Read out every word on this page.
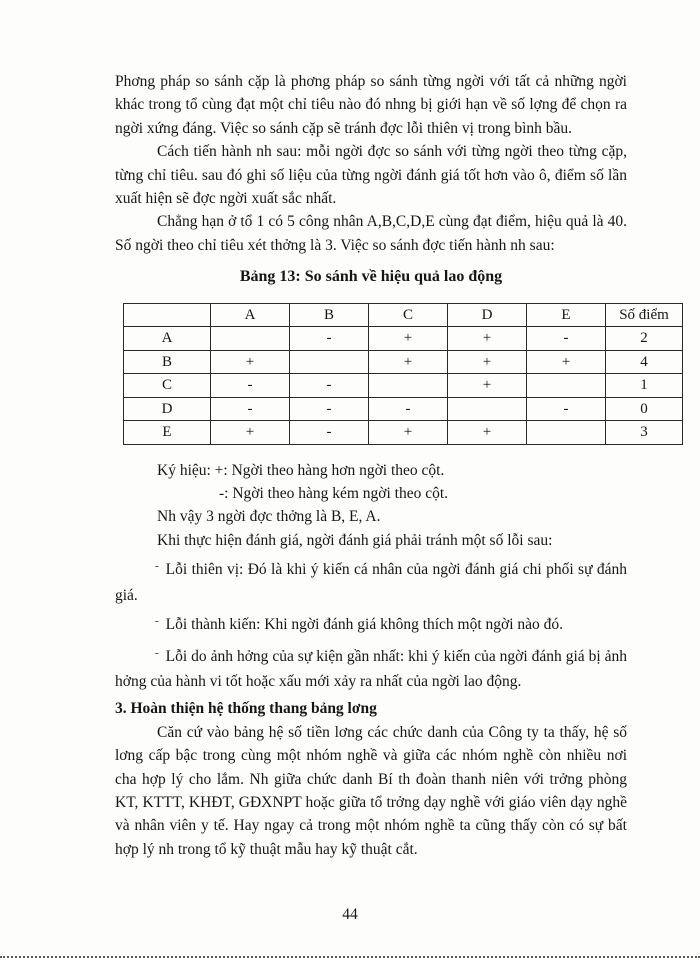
Phơng pháp so sánh cặp là phơng pháp so sánh từng ngời với tất cả những ngời khác trong tổ cùng đạt một chỉ tiêu nào đó nhng bị giới hạn về số lợng để chọn ra ngời xứng đáng. Việc so sánh cặp sẽ tránh đợc lỗi thiên vị trong bình bầu.

Cách tiến hành nh sau: mỗi ngời đợc so sánh với từng ngời theo từng cặp, từng chỉ tiêu. sau đó ghi số liệu của từng ngời đánh giá tốt hơn vào ô, điểm số lần xuất hiện sẽ đợc ngời xuất sắc nhất.

Chẳng hạn ở tổ 1 có 5 công nhân A,B,C,D,E cùng đạt điểm, hiệu quả là 40. Số ngời theo chỉ tiêu xét thởng là 3. Việc so sánh đợc tiến hành nh sau:

Bảng 13: So sánh về hiệu quả lao động
	A	B	C	D	E	Số điểm
A		-	+	+	-	2
B	+		+	+	+	4
C	-	-		+		1
D	-	-	-		-	0
E	+	-	+	+		3

Ký hiệu: +: Ngời theo hàng hơn ngời theo cột.

-: Ngời theo hàng kém ngời theo cột.

Nh vậy 3 ngời đợc thởng là B, E, A.

Khi thực hiện đánh giá, ngời đánh giá phải tránh một số lỗi sau:

- Lỗi thiên vị: Đó là khi ý kiến cá nhân của ngời đánh giá chi phối sự đánh giá.

- Lỗi thành kiến: Khi ngời đánh giá không thích một ngời nào đó.

- Lỗi do ảnh hởng của sự kiện gần nhất: khi ý kiến của ngời đánh giá bị ảnh hởng của hành vi tốt hoặc xấu mới xảy ra nhất của ngời lao động.

3. Hoàn thiện hệ thống thang bảng lơng

Căn cứ vào bảng hệ số tiền lơng các chức danh của Công ty ta thấy, hệ số lơng cấp bậc trong cùng một nhóm nghề và giữa các nhóm nghề còn nhiều nơi cha hợp lý cho lắm. Nh giữa chức danh Bí th đoàn thanh niên với trởng phòng KT, KTTT, KHĐT, GĐXNPT hoặc giữa tổ trởng dạy nghề với giáo viên dạy nghề và nhân viên y tế. Hay ngay cả trong một nhóm nghề ta cũng thấy còn có sự bất hợp lý nh trong tổ kỹ thuật mẫu hay kỹ thuật cắt.

44
